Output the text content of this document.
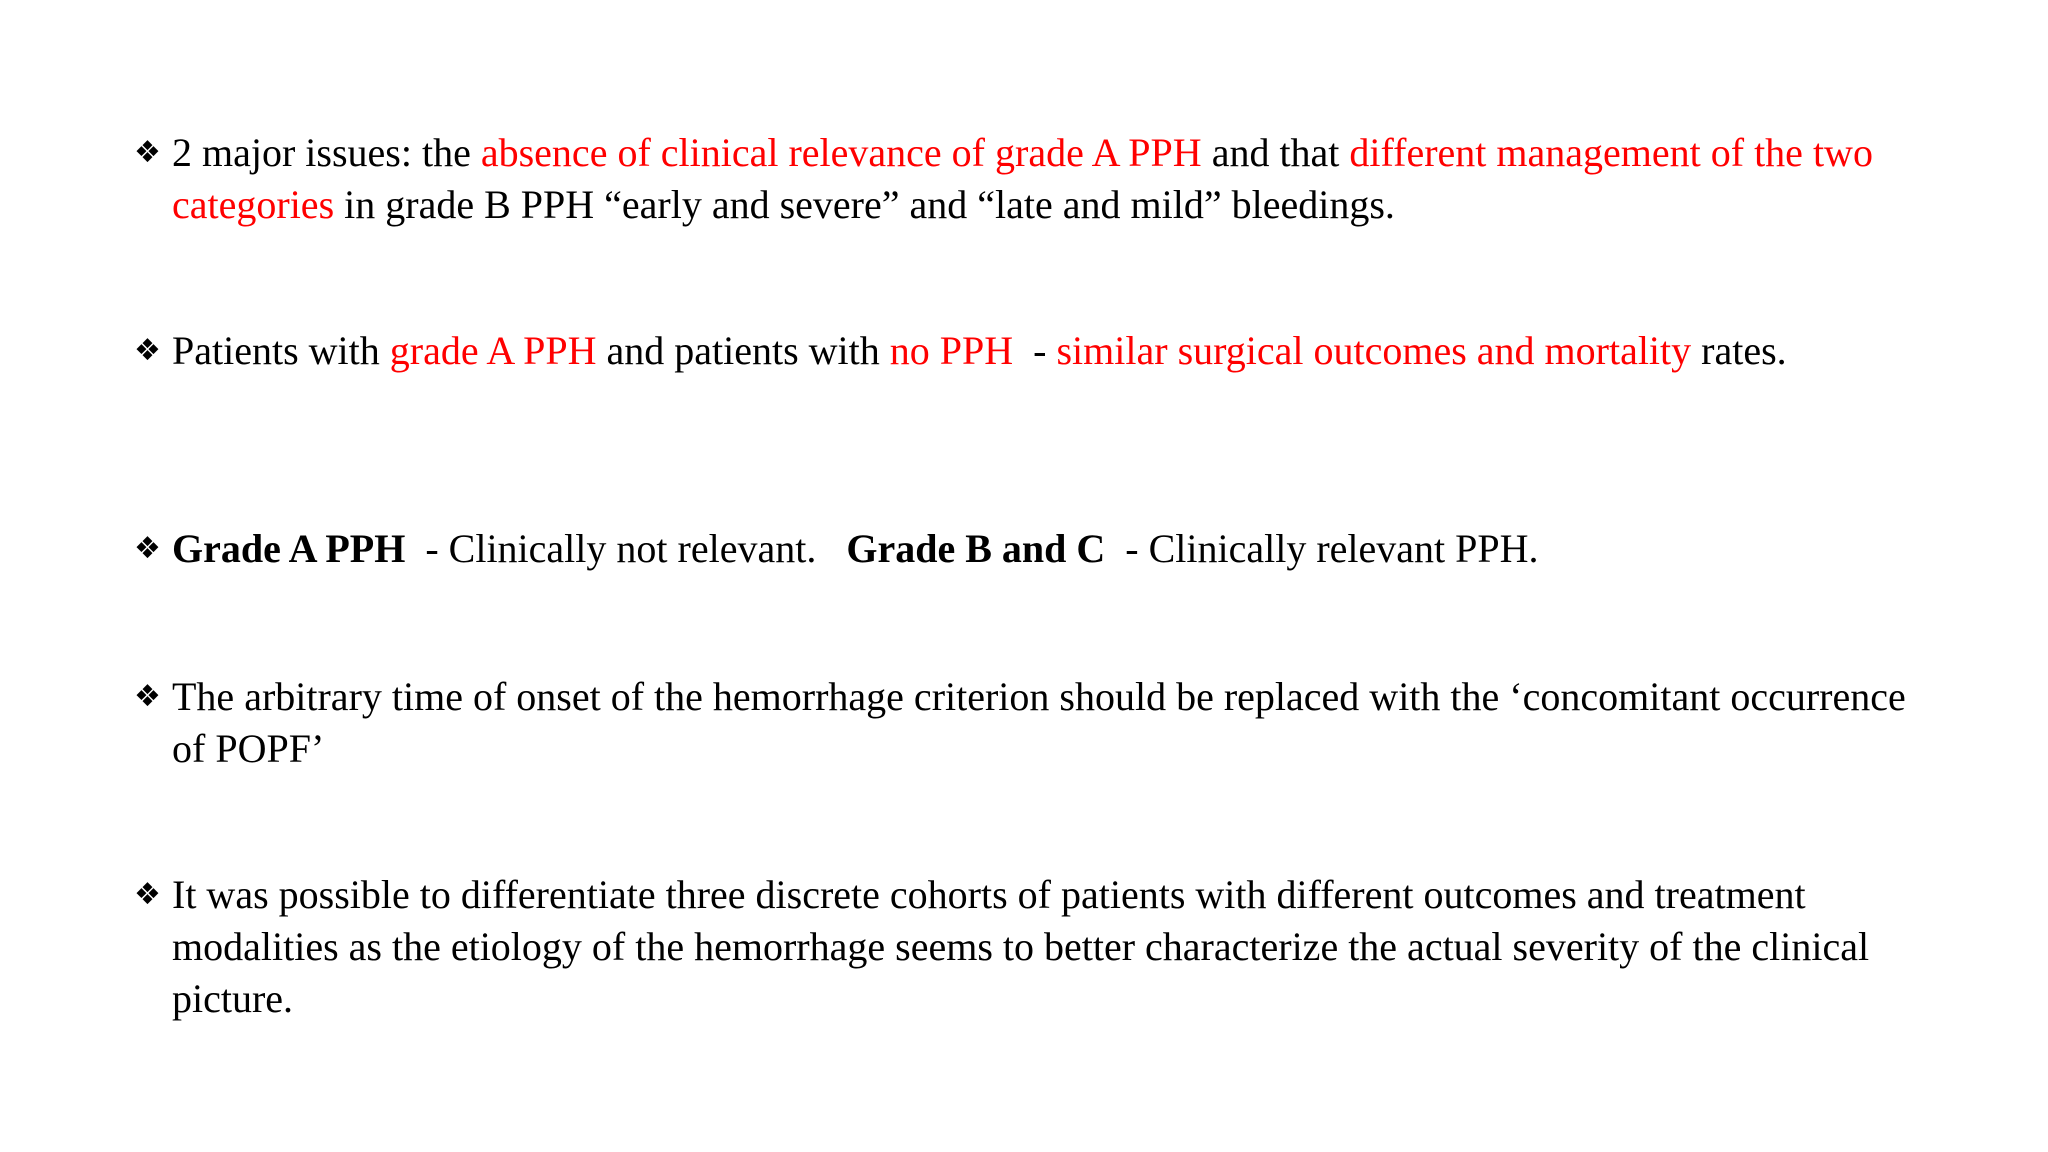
❖ 2 major issues: the absence of clinical relevance of grade A PPH and that different management of the two categories in grade B PPH “early and severe” and “late and mild” bleedings.
❖ Patients with grade A PPH and patients with no PPH  - similar surgical outcomes and mortality rates.
❖ Grade A PPH  - Clinically not relevant. Grade B and C  - Clinically relevant PPH.
❖ The arbitrary time of onset of the hemorrhage criterion should be replaced with the ‘concomitant occurrence of POPF’
❖ It was possible to differentiate three discrete cohorts of patients with different outcomes and treatment modalities as the etiology of the hemorrhage seems to better characterize the actual severity of the clinical picture.
